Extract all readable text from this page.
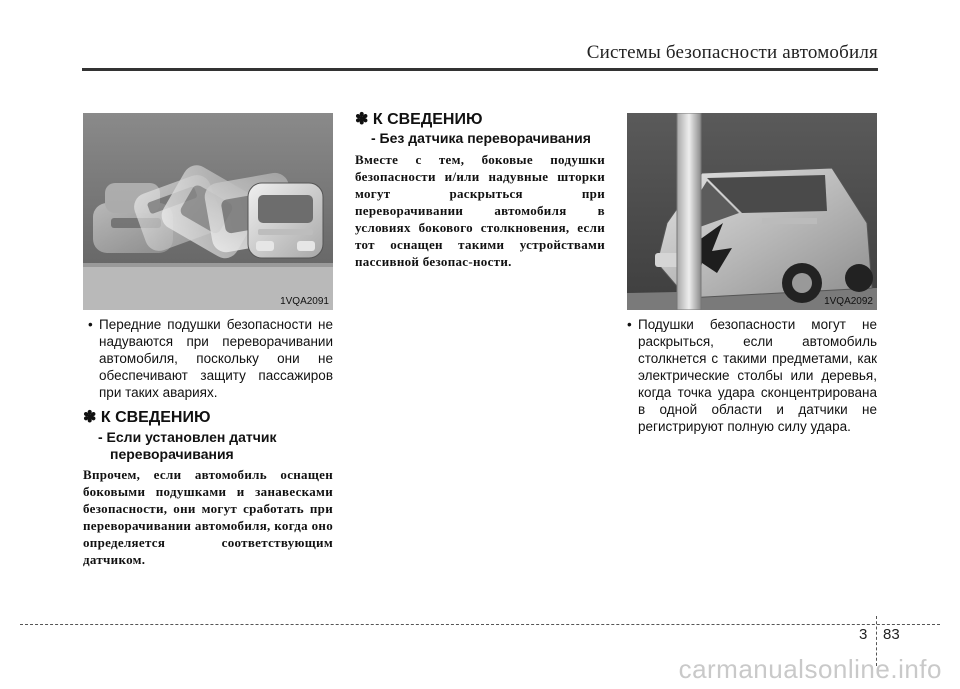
Системы безопасности автомобиля
1VQA2091
• Передние подушки безопасности не надуваются при переворачивании автомобиля, поскольку они не обеспечивают защиту пассажиров при таких авариях.
✽ К СВЕДЕНИЮ
- Если установлен датчик
переворачивания
Впрочем, если автомобиль оснащен боковыми подушками и занавесками безопасности, они могут сработать при переворачивании автомобиля, когда оно определяется соответствующим датчиком.
✽ К СВЕДЕНИЮ
- Без датчика переворачивания
Вместе с тем, боковые подушки безопасности и/или надувные шторки могут раскрыться при переворачивании автомобиля в условиях бокового столкновения, если тот оснащен такими устройствами пассивной безопас-ности.
1VQA2092
• Подушки безопасности могут не раскрыться, если автомобиль столкнется с такими предметами, как электрические столбы или деревья, когда точка удара сконцентрирована в одной области и датчики не регистрируют полную силу удара.
3 83
carmanualsonline.info
